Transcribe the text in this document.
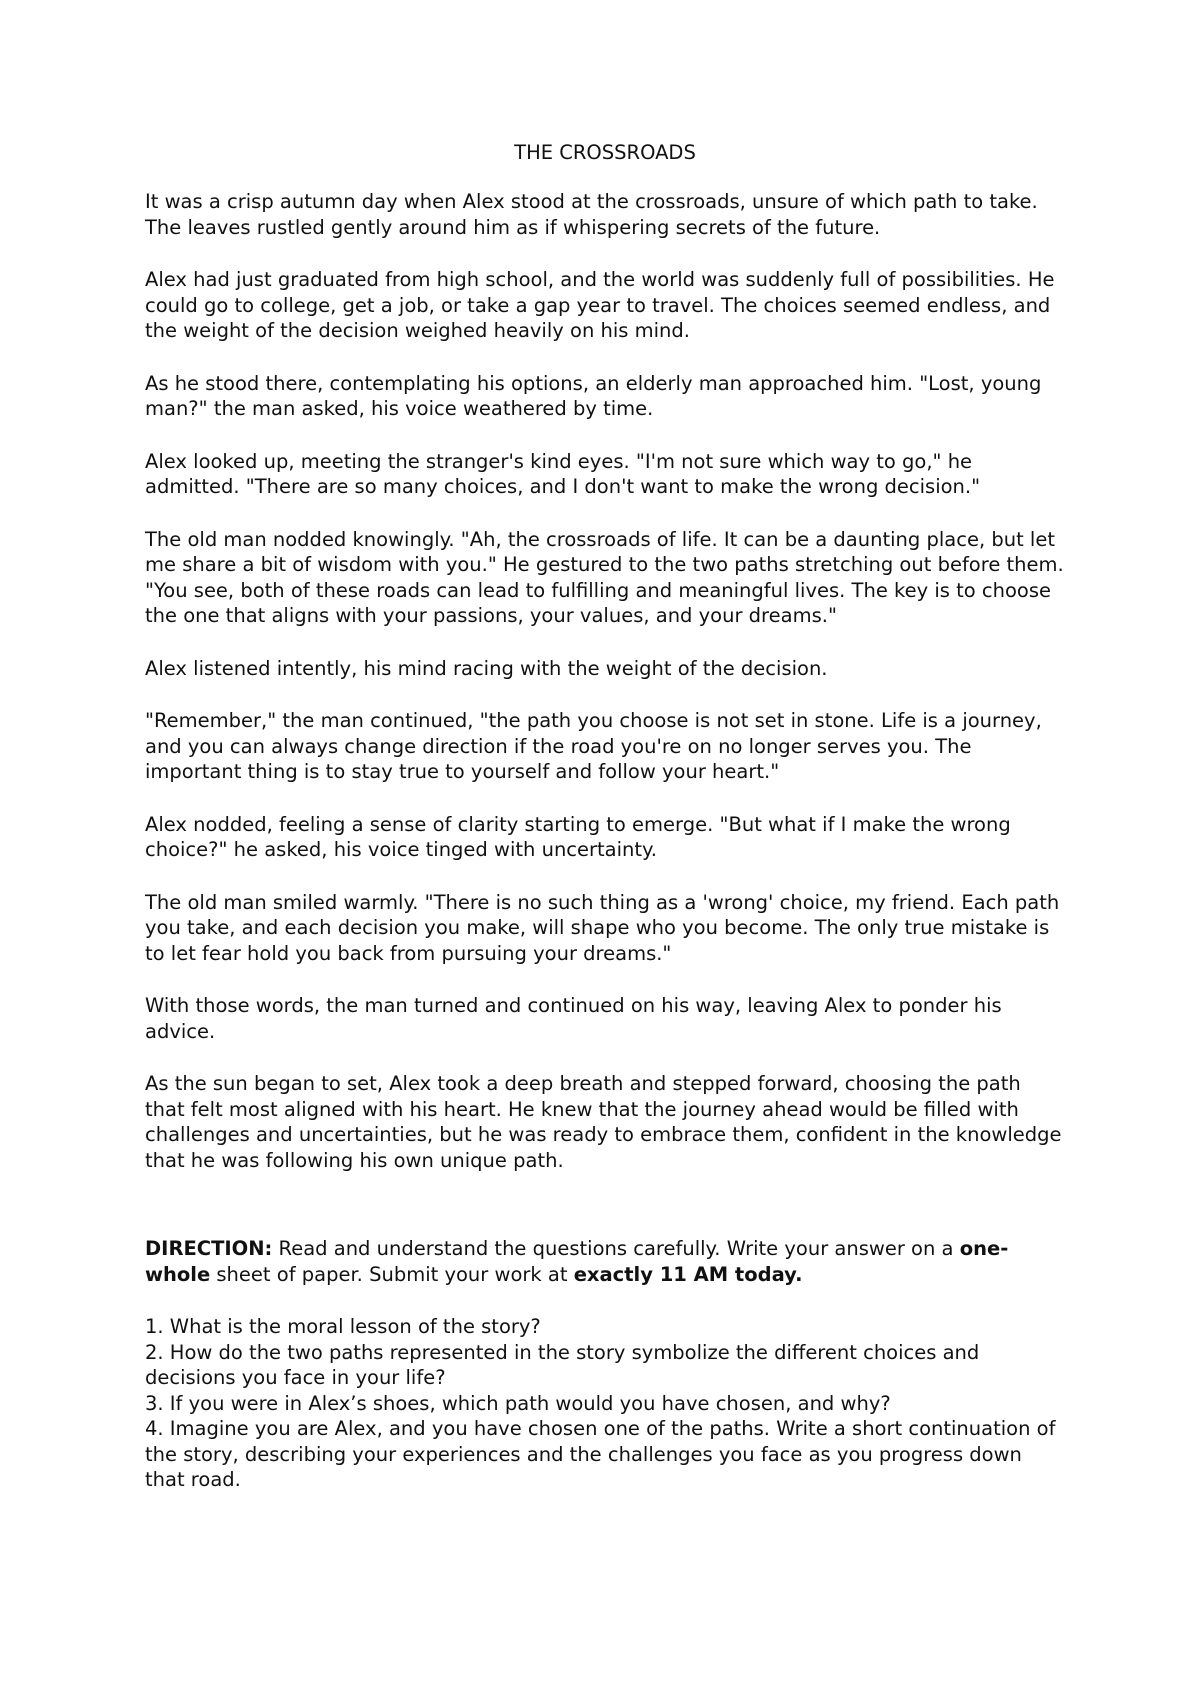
THE CROSSROADS

It was a crisp autumn day when Alex stood at the crossroads, unsure of which path to take. The leaves rustled gently around him as if whispering secrets of the future.

Alex had just graduated from high school, and the world was suddenly full of possibilities. He could go to college, get a job, or take a gap year to travel. The choices seemed endless, and the weight of the decision weighed heavily on his mind.

As he stood there, contemplating his options, an elderly man approached him. "Lost, young man?" the man asked, his voice weathered by time.

Alex looked up, meeting the stranger's kind eyes. "I'm not sure which way to go," he admitted. "There are so many choices, and I don't want to make the wrong decision."

The old man nodded knowingly. "Ah, the crossroads of life. It can be a daunting place, but let me share a bit of wisdom with you." He gestured to the two paths stretching out before them. "You see, both of these roads can lead to fulfilling and meaningful lives. The key is to choose the one that aligns with your passions, your values, and your dreams."

Alex listened intently, his mind racing with the weight of the decision.

"Remember," the man continued, "the path you choose is not set in stone. Life is a journey, and you can always change direction if the road you're on no longer serves you. The important thing is to stay true to yourself and follow your heart."

Alex nodded, feeling a sense of clarity starting to emerge. "But what if I make the wrong choice?" he asked, his voice tinged with uncertainty.

The old man smiled warmly. "There is no such thing as a 'wrong' choice, my friend. Each path you take, and each decision you make, will shape who you become. The only true mistake is to let fear hold you back from pursuing your dreams."

With those words, the man turned and continued on his way, leaving Alex to ponder his advice.

As the sun began to set, Alex took a deep breath and stepped forward, choosing the path that felt most aligned with his heart. He knew that the journey ahead would be filled with challenges and uncertainties, but he was ready to embrace them, confident in the knowledge that he was following his own unique path.

DIRECTION: Read and understand the questions carefully. Write your answer on a one-whole sheet of paper. Submit your work at exactly 11 AM today.

1. What is the moral lesson of the story?
2. How do the two paths represented in the story symbolize the different choices and decisions you face in your life?
3. If you were in Alex’s shoes, which path would you have chosen, and why?
4. Imagine you are Alex, and you have chosen one of the paths. Write a short continuation of the story, describing your experiences and the challenges you face as you progress down that road.
